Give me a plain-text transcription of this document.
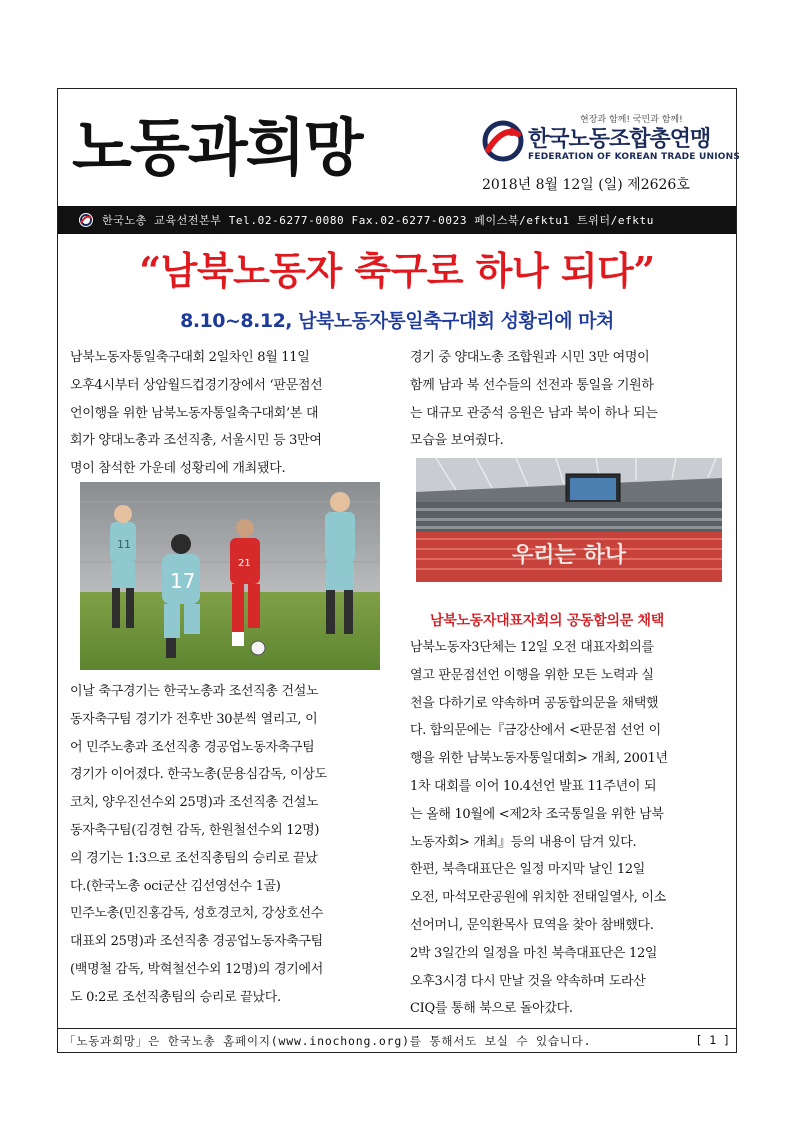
노동과희망	현장과 함께! 국민과 함께!
한국노동조합총연맹
FEDERATION OF KOREAN TRADE UNIONS
2018년 8월 12일 (일) 제2626호
한국노총 교육선전본부 Tel.02-6277-0080 Fax.02-6277-0023 페이스북/efktu1 트위터/efktu
“남북노동자 축구로 하나 되다”
8.10~8.12, 남북노동자통일축구대회 성황리에 마쳐
남북노동자통일축구대회 2일차인 8월 11일
오후4시부터 상암월드컵경기장에서 ‘판문점선
언이행을 위한 남북노동자통일축구대회’본 대
회가 양대노총과 조선직총, 서울시민 등 3만여
명이 참석한 가운데 성황리에 개최됐다.
11
17
21
이날 축구경기는 한국노총과 조선직총 건설노
동자축구팀 경기가 전후반 30분씩 열리고, 이
어 민주노총과 조선직총 경공업노동자축구팀
경기가 이어졌다. 한국노총(문용심감독, 이상도
코치, 양우진선수외 25명)과 조선직총 건설노
동자축구팀(김경현 감독, 한원철선수외 12명)
의 경기는 1:3으로 조선직총팀의 승리로 끝났
다.(한국노총 oci군산 김선영선수 1골)
민주노총(민진홍감독, 성호경코치, 강상호선수
대표외 25명)과 조선직총 경공업노동자축구팀
(백명철 감독, 박혁철선수외 12명)의 경기에서
도 0:2로 조선직총팀의 승리로 끝났다.
경기 중 양대노총 조합원과 시민 3만 여명이
함께 남과 북 선수들의 선전과 통일을 기원하
는 대규모 관중석 응원은 남과 북이 하나 되는
모습을 보여줬다.
우리는 하나
남북노동자대표자회의 공동합의문 채택
남북노동자3단체는 12일 오전 대표자회의를
열고 판문점선언 이행을 위한 모든 노력과 실
천을 다하기로 약속하며 공동합의문을 채택했
다. 합의문에는『금강산에서 <판문점 선언 이
행을 위한 남북노동자통일대회> 개최, 2001년
1차 대회를 이어 10.4선언 발표 11주년이 되
는 올해 10월에 <제2차 조국통일을 위한 남북
노동자회> 개최』등의 내용이 담겨 있다.
한편, 북측대표단은 일정 마지막 날인 12일
오전, 마석모란공원에 위치한 전태일열사, 이소
선어머니, 문익환목사 묘역을 찾아 참배했다.
2박 3일간의 일정을 마친 북측대표단은 12일
오후3시경 다시 만날 것을 약속하며 도라산
CIQ를 통해 북으로 돌아갔다.
「노동과희망」은 한국노총 홈페이지(www.inochong.org)를 통해서도 보실 수 있습니다.	[ 1 ]
